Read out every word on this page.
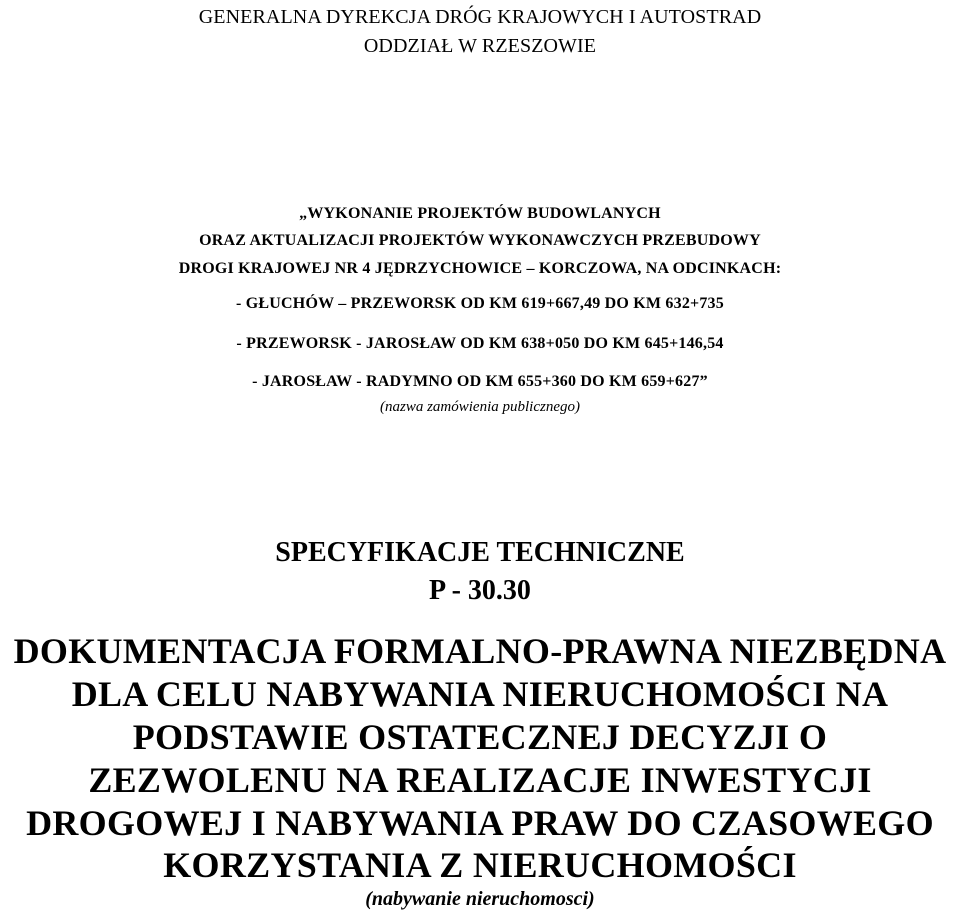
GENERALNA DYREKCJA DRÓG KRAJOWYCH I AUTOSTRAD
ODDZIAŁ W RZESZOWIE
„WYKONANIE PROJEKTÓW BUDOWLANYCH
ORAZ AKTUALIZACJI PROJEKTÓW WYKONAWCZYCH PRZEBUDOWY
DROGI KRAJOWEJ NR 4 JĘDRZYCHOWICE – KORCZOWA, NA ODCINKACH:
- GŁUCHÓW – PRZEWORSK OD KM 619+667,49 DO KM 632+735
- PRZEWORSK - JAROSŁAW OD KM 638+050 DO KM 645+146,54
- JAROSŁAW - RADYMNO OD KM 655+360 DO KM 659+627”
(nazwa zamówienia publicznego)
SPECYFIKACJE TECHNICZNE
P - 30.30
DOKUMENTACJA FORMALNO-PRAWNA NIEZBĘDNA
DLA CELU NABYWANIA NIERUCHOMOŚCI NA
PODSTAWIE OSTATECZNEJ DECYZJI O
ZEZWOLENU NA REALIZACJE INWESTYCJI
DROGOWEJ I NABYWANIA PRAW DO CZASOWEGO
KORZYSTANIA Z NIERUCHOMOŚCI
(nabywanie nieruchomosci)
